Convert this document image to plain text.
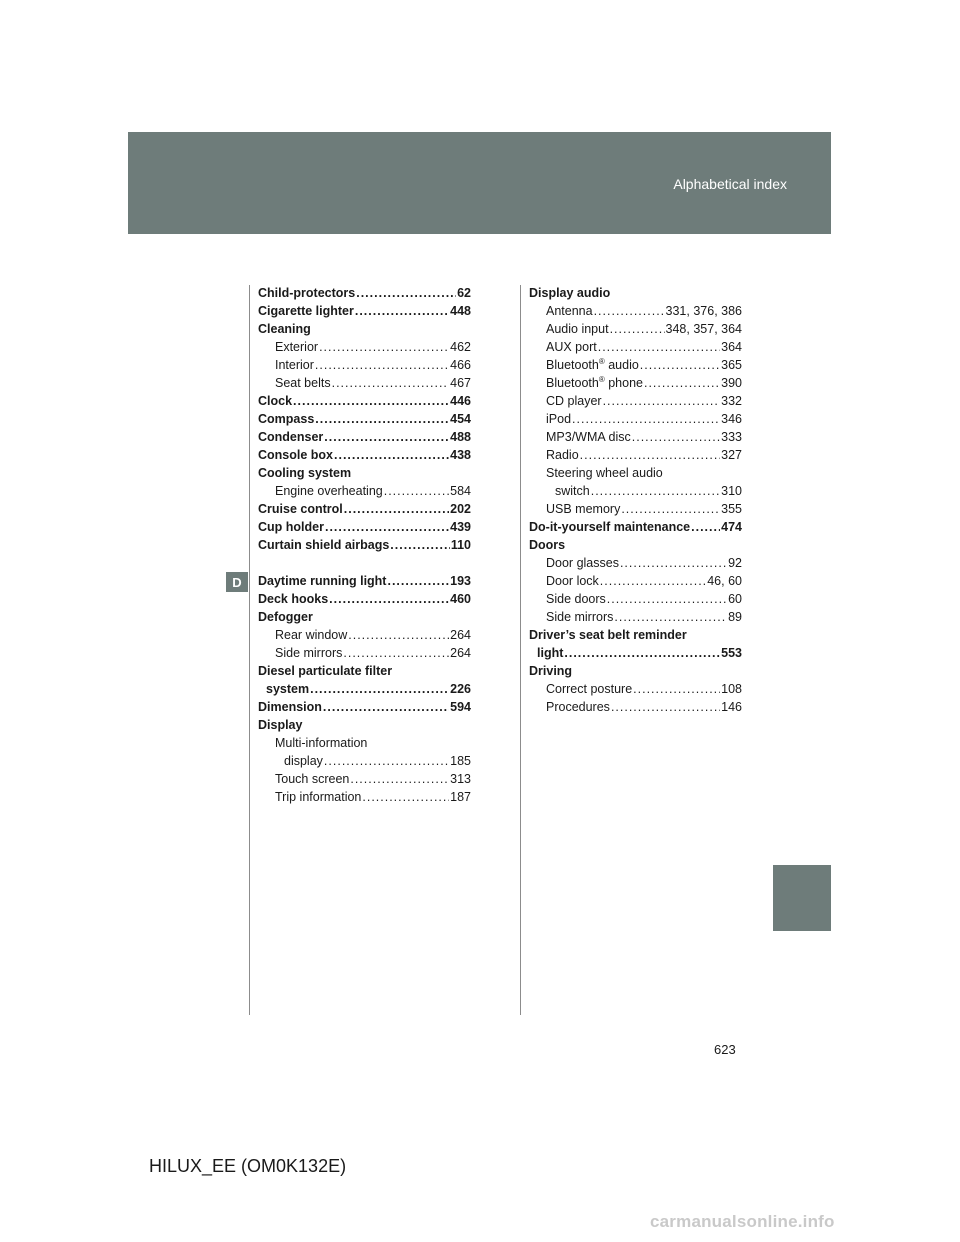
Alphabetical index
D
Child-protectors .....	62
Cigarette lighter .....	448
Cleaning
Exterior .....	462
Interior .....	466
Seat belts .....	467
Clock .....	446
Compass .....	454
Condenser .....	488
Console box .....	438
Cooling system
Engine overheating .....	584
Cruise control .....	202
Cup holder .....	439
Curtain shield airbags .....	110
Daytime running light .....	193
Deck hooks .....	460
Defogger
Rear window .....	264
Side mirrors .....	264
Diesel particulate filter
system .....	226
Dimension .....	594
Display
Multi-information
display .....	185
Touch screen .....	313
Trip information .....	187
Display audio
Antenna .....	331, 376, 386
Audio input .....	348, 357, 364
AUX port .....	364
Bluetooth® audio .....	365
Bluetooth® phone .....	390
CD player .....	332
iPod .....	346
MP3/WMA disc .....	333
Radio .....	327
Steering wheel audio
switch .....	310
USB memory .....	355
Do-it-yourself maintenance ..... 474
Doors
Door glasses .....	92
Door lock .....	46, 60
Side doors .....	60
Side mirrors .....	89
Driver’s seat belt reminder
light .....	553
Driving
Correct posture .....	108
Procedures .....	146
623
HILUX_EE (OM0K132E)
carmanualsonline.info
